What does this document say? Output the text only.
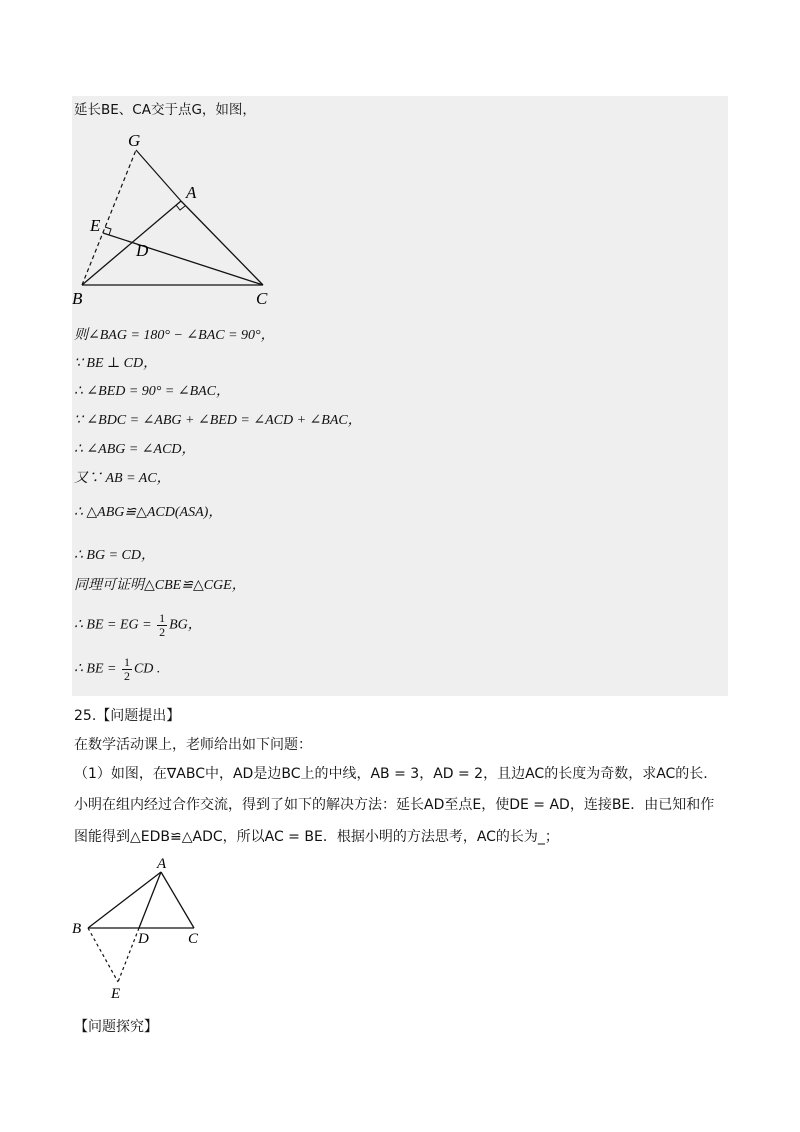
延长BE、CA交于点G，如图，
G
A
E
D
B	C
则∠BAG = 180° − ∠BAC = 90°，
∵ BE ⊥ CD，
∴ ∠BED = 90° = ∠BAC，
∵ ∠BDC = ∠ABG + ∠BED = ∠ACD + ∠BAC，
∴ ∠ABG = ∠ACD，
又∵ AB = AC，
∴ △ABG≌△ACD(ASA)，
∴ BG = CD，
同理可证明△CBE≌△CGE，
∴ BE = EG = $\frac{1}{2}$ BG，
∴ BE = $\frac{1}{2}$ CD .
25.【问题提出】
在数学活动课上，老师给出如下问题：
（1）如图，在∇ABC中，AD是边BC上的中线，AB = 3，AD = 2，且边AC的长度为奇数，求AC的长.
小明在组内经过合作交流，得到了如下的解决方法：延长AD至点E，使DE = AD，连接BE．由已知和作
图能得到△EDB≌△ADC，所以AC = BE．根据小明的方法思考，AC的长为_；
A
B
D	C
E
【问题探究】
